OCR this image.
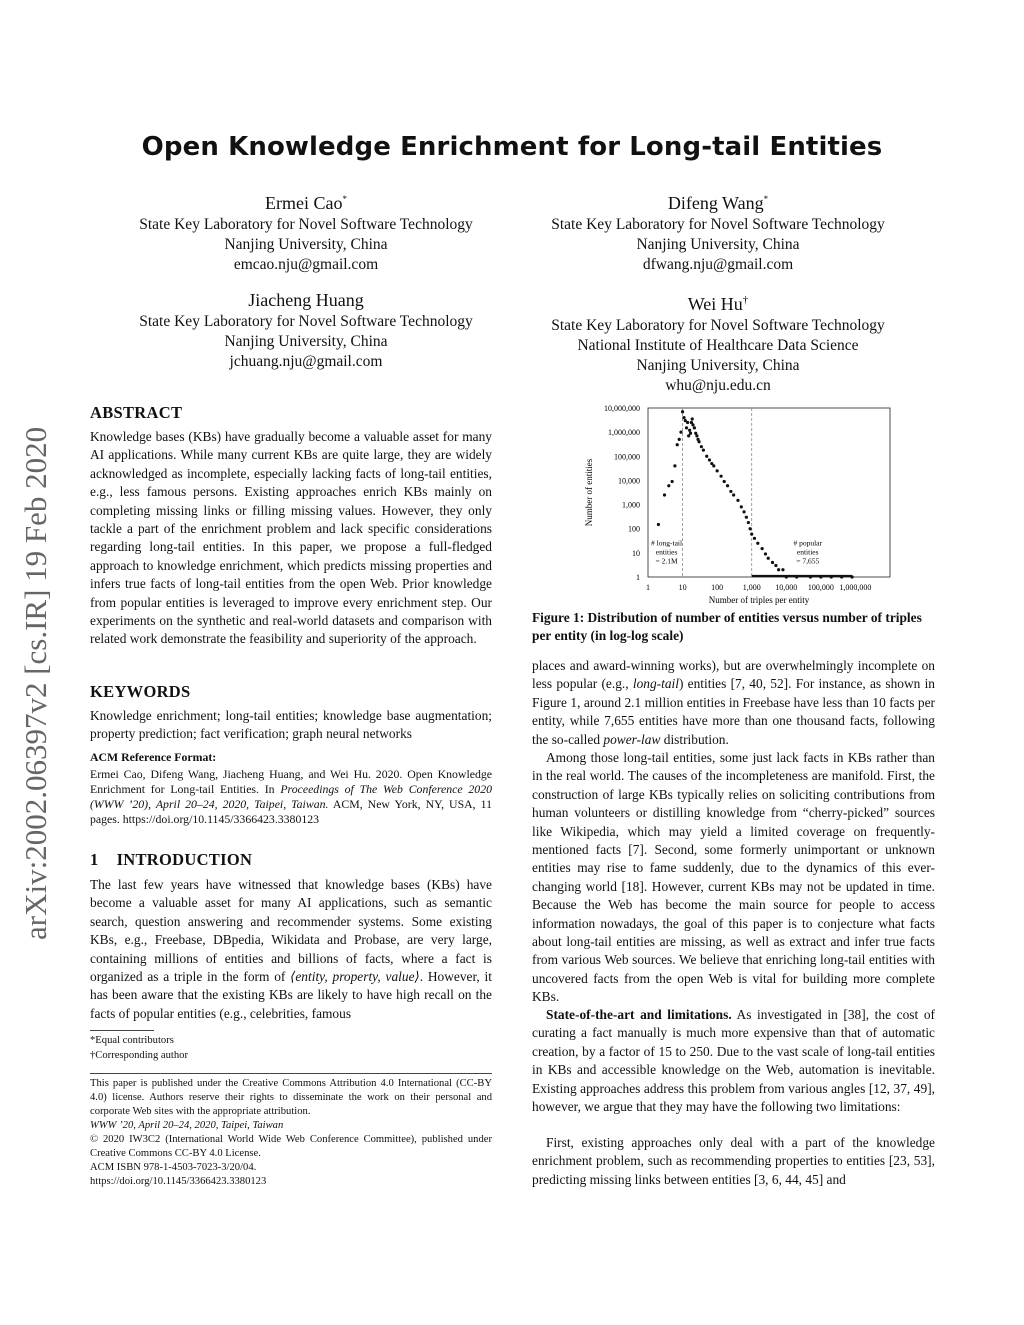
arXiv:2002.06397v2 [cs.IR] 19 Feb 2020
Open Knowledge Enrichment for Long-tail Entities
Ermei Cao*
State Key Laboratory for Novel Software Technology
Nanjing University, China
emcao.nju@gmail.com
Difeng Wang*
State Key Laboratory for Novel Software Technology
Nanjing University, China
dfwang.nju@gmail.com
Jiacheng Huang
State Key Laboratory for Novel Software Technology
Nanjing University, China
jchuang.nju@gmail.com
Wei Hu†
State Key Laboratory for Novel Software Technology
National Institute of Healthcare Data Science
Nanjing University, China
whu@nju.edu.cn
ABSTRACT
Knowledge bases (KBs) have gradually become a valuable asset for many AI applications. While many current KBs are quite large, they are widely acknowledged as incomplete, especially lacking facts of long-tail entities, e.g., less famous persons. Existing approaches enrich KBs mainly on completing missing links or filling missing values. However, they only tackle a part of the enrichment problem and lack specific considerations regarding long-tail entities. In this paper, we propose a full-fledged approach to knowledge enrichment, which predicts missing properties and infers true facts of long-tail entities from the open Web. Prior knowledge from popular entities is leveraged to improve every enrichment step. Our experiments on the synthetic and real-world datasets and comparison with related work demonstrate the feasibility and superiority of the approach.
KEYWORDS
Knowledge enrichment; long-tail entities; knowledge base augmentation; property prediction; fact verification; graph neural networks
ACM Reference Format:
Ermei Cao, Difeng Wang, Jiacheng Huang, and Wei Hu. 2020. Open Knowledge Enrichment for Long-tail Entities. In Proceedings of The Web Conference 2020 (WWW ’20), April 20–24, 2020, Taipei, Taiwan. ACM, New York, NY, USA, 11 pages. https://doi.org/10.1145/3366423.3380123
1 INTRODUCTION
The last few years have witnessed that knowledge bases (KBs) have become a valuable asset for many AI applications, such as semantic search, question answering and recommender systems. Some existing KBs, e.g., Freebase, DBpedia, Wikidata and Probase, are very large, containing millions of entities and billions of facts, where a fact is organized as a triple in the form of ⟨entity, property, value⟩. However, it has been aware that the existing KBs are likely to have high recall on the facts of popular entities (e.g., celebrities, famous
*Equal contributors
†Corresponding author
This paper is published under the Creative Commons Attribution 4.0 International (CC-BY 4.0) license. Authors reserve their rights to disseminate the work on their personal and corporate Web sites with the appropriate attribution.
WWW ’20, April 20–24, 2020, Taipei, Taiwan
© 2020 IW3C2 (International World Wide Web Conference Committee), published under Creative Commons CC-BY 4.0 License.
ACM ISBN 978-1-4503-7023-3/20/04.
https://doi.org/10.1145/3366423.3380123
1
10
100
1,000
10,000
100,000
1,000,000
10,000,000
1	10	100 1,000 10,000 100,000 1,000,000
Number of triples per entity
Number of entities
# long-tail
entities
= 2.1M
# popular
entities
= 7,655
Figure 1: Distribution of number of entities versus number of triples per entity (in log-log scale)
places and award-winning works), but are overwhelmingly incomplete on less popular (e.g., long-tail) entities [7, 40, 52]. For instance, as shown in Figure 1, around 2.1 million entities in Freebase have less than 10 facts per entity, while 7,655 entities have more than one thousand facts, following the so-called power-law distribution.
Among those long-tail entities, some just lack facts in KBs rather than in the real world. The causes of the incompleteness are manifold. First, the construction of large KBs typically relies on soliciting contributions from human volunteers or distilling knowledge from “cherry-picked” sources like Wikipedia, which may yield a limited coverage on frequently-mentioned facts [7]. Second, some formerly unimportant or unknown entities may rise to fame suddenly, due to the dynamics of this ever-changing world [18]. However, current KBs may not be updated in time. Because the Web has become the main source for people to access information nowadays, the goal of this paper is to conjecture what facts about long-tail entities are missing, as well as extract and infer true facts from various Web sources. We believe that enriching long-tail entities with uncovered facts from the open Web is vital for building more complete KBs.
State-of-the-art and limitations. As investigated in [38], the cost of curating a fact manually is much more expensive than that of automatic creation, by a factor of 15 to 250. Due to the vast scale of long-tail entities in KBs and accessible knowledge on the Web, automation is inevitable. Existing approaches address this problem from various angles [12, 37, 49], however, we argue that they may have the following two limitations:
First, existing approaches only deal with a part of the knowledge enrichment problem, such as recommending properties to entities [23, 53], predicting missing links between entities [3, 6, 44, 45] and
